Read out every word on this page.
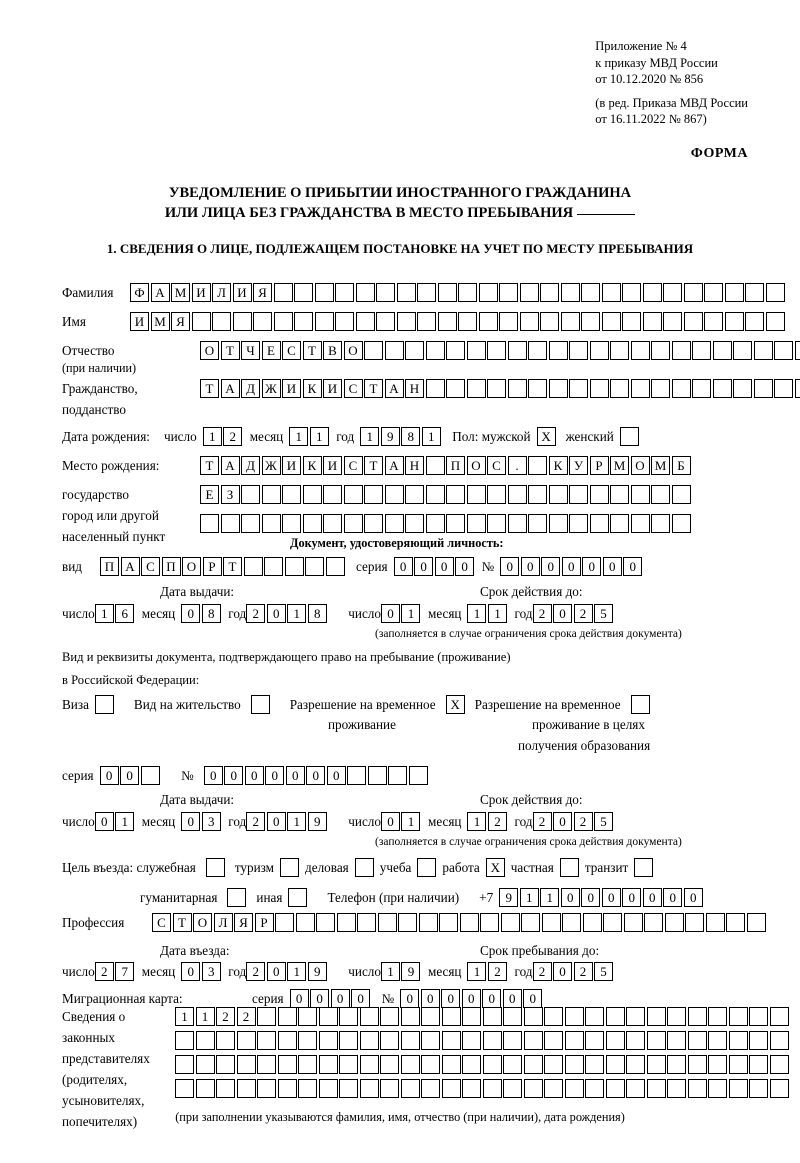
Приложение № 4
к приказу МВД России
от 10.12.2020 № 856
(в ред. Приказа МВД России
от 16.11.2022 № 867)
ФОРМА
УВЕДОМЛЕНИЕ О ПРИБЫТИИ ИНОСТРАННОГО ГРАЖДАНИНА
ИЛИ ЛИЦА БЕЗ ГРАЖДАНСТВА В МЕСТО ПРЕБЫВАНИЯ
1. СВЕДЕНИЯ О ЛИЦЕ, ПОДЛЕЖАЩЕМ ПОСТАНОВКЕ НА УЧЕТ ПО МЕСТУ ПРЕБЫВАНИЯ
Фамилия	Ф А М И Л И Я
Имя	И М Я
Отчество	О Т Ч Е С Т В О
(при наличии)
Гражданство,	Т А Д Ж И К И С Т А Н
подданство
Дата рождения: число 1	2	месяц 1	1	год 1	9	8	1	Пол: мужской X	женский
Место рождения:	Т А Д Ж И К И С Т А Н	П О С	.	К У Р М О М Б
государство	Е	З
город или другой
населенный пункт	Документ, удостоверяющий личность:
вид	П А С П О Р Т	серия 0	0	0	0	№ 0	0	0	0	0	0	0
Дата выдачи:	Срок действия до:
число 1	6	месяц 0	8	год 2	0	1	8	число 0	1	месяц 1	1	год 2	0	2	5
(заполняется в случае ограничения срока действия документа)
Вид и реквизиты документа, подтверждающего право на пребывание (проживание)
в Российской Федерации:
Виза	Вид на жительство	Разрешение на временное	X	Разрешение на временное
проживание	проживание в целях
получения образования
серия 0	0	№	0	0	0	0	0	0	0
Дата выдачи:	Срок действия до:
число 0	1	месяц 0	3	год 2	0	1	9	число 0	1	месяц 1	2	год 2	0	2	5
(заполняется в случае ограничения срока действия документа)
Цель въезда: служебная	туризм деловая учеба работа X частная транзит
гуманитарная	иная	Телефон (при наличии) +7 9	1	1	0	0	0	0	0	0	0
Профессия	С Т О Л Я Р
Дата въезда:	Срок пребывания до:
число 2	7	месяц 0	3	год 2	0	1	9	число 1	9	месяц 1	2	год 2	0	2	5
Миграционная карта:	серия 0	0	0	0	№ 0	0	0	0	0	0	0
Сведения о
законных
представителях
(родителях,
усыновителях,
попечителях)
1	1	2	2
(при заполнении указываются фамилия, имя, отчество (при наличии), дата рождения)
